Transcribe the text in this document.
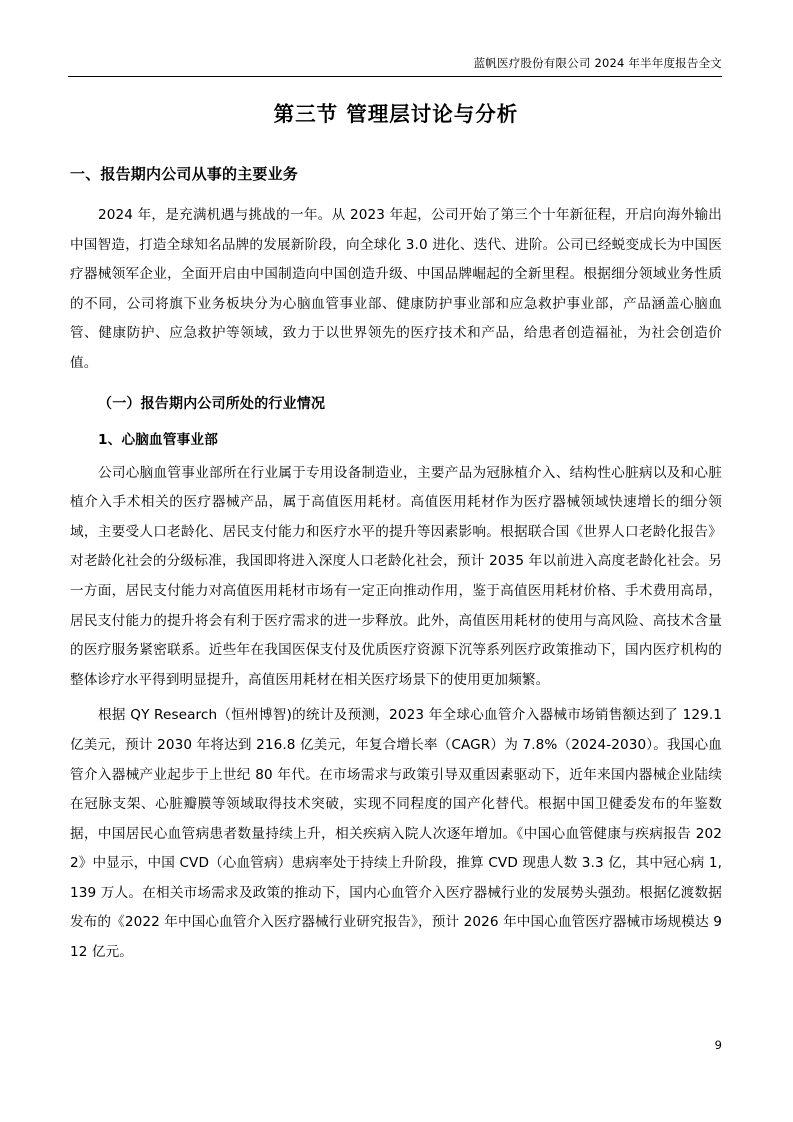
蓝帆医疗股份有限公司 2024 年半年度报告全文
第三节 管理层讨论与分析
一、报告期内公司从事的主要业务

2024 年，是充满机遇与挑战的一年。从 2023 年起，公司开始了第三个十年新征程，开启向海外输出中国智造，打造全球知名品牌的发展新阶段，向全球化 3.0 进化、迭代、进阶。公司已经蜕变成长为中国医疗器械领军企业，全面开启由中国制造向中国创造升级、中国品牌崛起的全新里程。根据细分领域业务性质的不同，公司将旗下业务板块分为心脑血管事业部、健康防护事业部和应急救护事业部，产品涵盖心脑血管、健康防护、应急救护等领域，致力于以世界领先的医疗技术和产品，给患者创造福祉，为社会创造价值。

（一）报告期内公司所处的行业情况
1、心脑血管事业部

公司心脑血管事业部所在行业属于专用设备制造业，主要产品为冠脉植介入、结构性心脏病以及和心脏植介入手术相关的医疗器械产品，属于高值医用耗材。高值医用耗材作为医疗器械领域快速增长的细分领域，主要受人口老龄化、居民支付能力和医疗水平的提升等因素影响。根据联合国《世界人口老龄化报告》对老龄化社会的分级标准，我国即将进入深度人口老龄化社会，预计 2035 年以前进入高度老龄化社会。另一方面，居民支付能力对高值医用耗材市场有一定正向推动作用，鉴于高值医用耗材价格、手术费用高昂，居民支付能力的提升将会有利于医疗需求的进一步释放。此外，高值医用耗材的使用与高风险、高技术含量的医疗服务紧密联系。近些年在我国医保支付及优质医疗资源下沉等系列医疗政策推动下，国内医疗机构的整体诊疗水平得到明显提升，高值医用耗材在相关医疗场景下的使用更加频繁。

根据 QY Research（恒州博智)的统计及预测，2023 年全球心血管介入器械市场销售额达到了 129.1 亿美元，预计 2030 年将达到 216.8 亿美元，年复合增长率（CAGR）为 7.8%（2024-2030）。我国心血管介入器械产业起步于上世纪 80 年代。在市场需求与政策引导双重因素驱动下，近年来国内器械企业陆续在冠脉支架、心脏瓣膜等领域取得技术突破，实现不同程度的国产化替代。根据中国卫健委发布的年鉴数据，中国居民心血管病患者数量持续上升，相关疾病入院人次逐年增加。《中国心血管健康与疾病报告 2022》中显示，中国 CVD（心血管病）患病率处于持续上升阶段，推算 CVD 现患人数 3.3 亿，其中冠心病 1,139 万人。在相关市场需求及政策的推动下，国内心血管介入医疗器械行业的发展势头强劲。根据亿渡数据发布的《2022 年中国心血管介入医疗器械行业研究报告》，预计 2026 年中国心血管医疗器械市场规模达 912 亿元。

9
